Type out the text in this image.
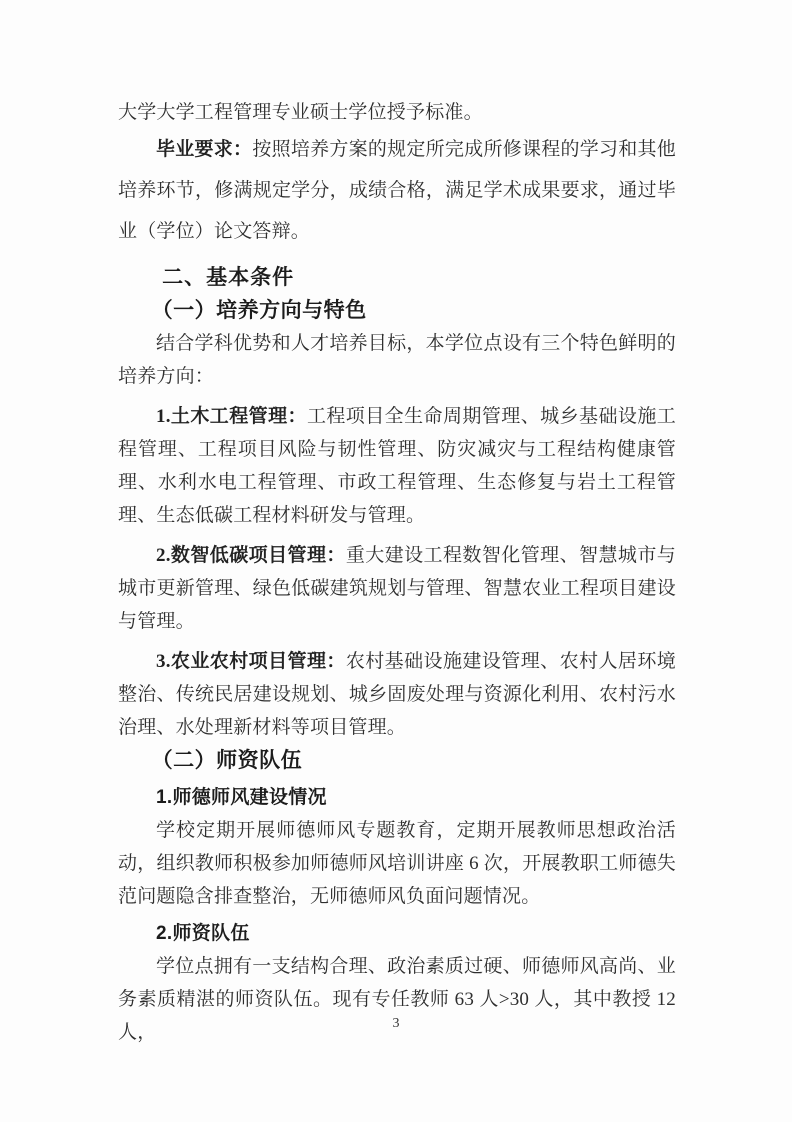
大学大学工程管理专业硕士学位授予标准。

毕业要求：按照培养方案的规定所完成所修课程的学习和其他培养环节，修满规定学分，成绩合格，满足学术成果要求，通过毕业（学位）论文答辩。

二、基本条件
（一）培养方向与特色

结合学科优势和人才培养目标，本学位点设有三个特色鲜明的培养方向：

1.土木工程管理：工程项目全生命周期管理、城乡基础设施工程管理、工程项目风险与韧性管理、防灾减灾与工程结构健康管理、水利水电工程管理、市政工程管理、生态修复与岩土工程管理、生态低碳工程材料研发与管理。

2.数智低碳项目管理：重大建设工程数智化管理、智慧城市与城市更新管理、绿色低碳建筑规划与管理、智慧农业工程项目建设与管理。

3.农业农村项目管理：农村基础设施建设管理、农村人居环境整治、传统民居建设规划、城乡固废处理与资源化利用、农村污水治理、水处理新材料等项目管理。

（二）师资队伍
1.师德师风建设情况

学校定期开展师德师风专题教育，定期开展教师思想政治活动，组织教师积极参加师德师风培训讲座 6 次，开展教职工师德失范问题隐含排查整治，无师德师风负面问题情况。

2.师资队伍

学位点拥有一支结构合理、政治素质过硬、师德师风高尚、业务素质精湛的师资队伍。现有专任教师 63 人>30 人，其中教授 12 人，	3
